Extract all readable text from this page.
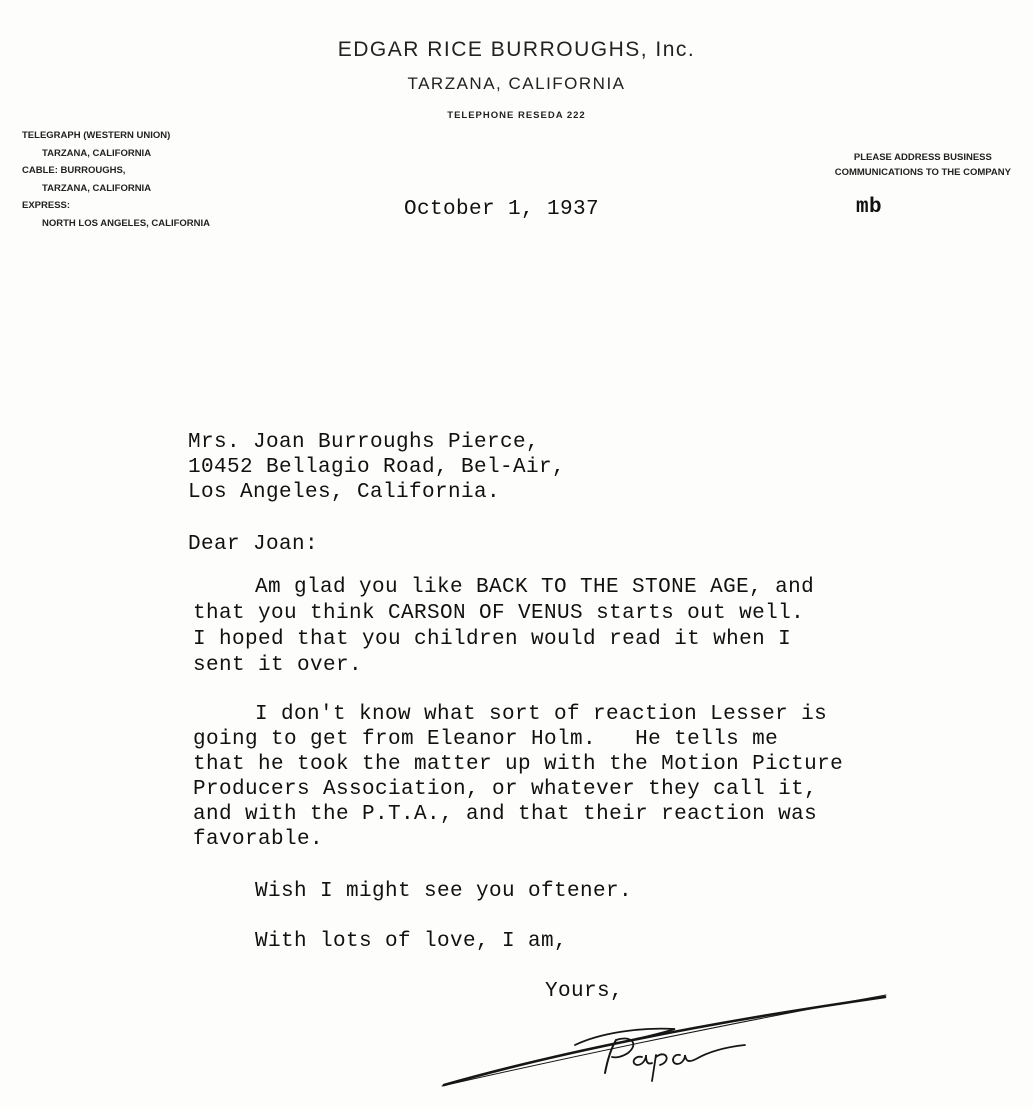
EDGAR RICE BURROUGHS, Inc.
TARZANA, CALIFORNIA
TELEPHONE RESEDA 222
TELEGRAPH (WESTERN UNION)
TARZANA, CALIFORNIA
CABLE: BURROUGHS,
TARZANA, CALIFORNIA
EXPRESS:
NORTH LOS ANGELES, CALIFORNIA
PLEASE ADDRESS BUSINESS
COMMUNICATIONS TO THE COMPANY
October 1, 1937	mb
Mrs. Joan Burroughs Pierce,
10452 Bellagio Road, Bel-Air,
Los Angeles, California.
Dear Joan:
Am glad you like BACK TO THE STONE AGE, and
that you think CARSON OF VENUS starts out well.
I hoped that you children would read it when I
sent it over.
I don't know what sort of reaction Lesser is
going to get from Eleanor Holm.   He tells me
that he took the matter up with the Motion Picture
Producers Association, or whatever they call it,
and with the P.T.A., and that their reaction was
favorable.
Wish I might see you oftener.
With lots of love, I am,
Yours,
